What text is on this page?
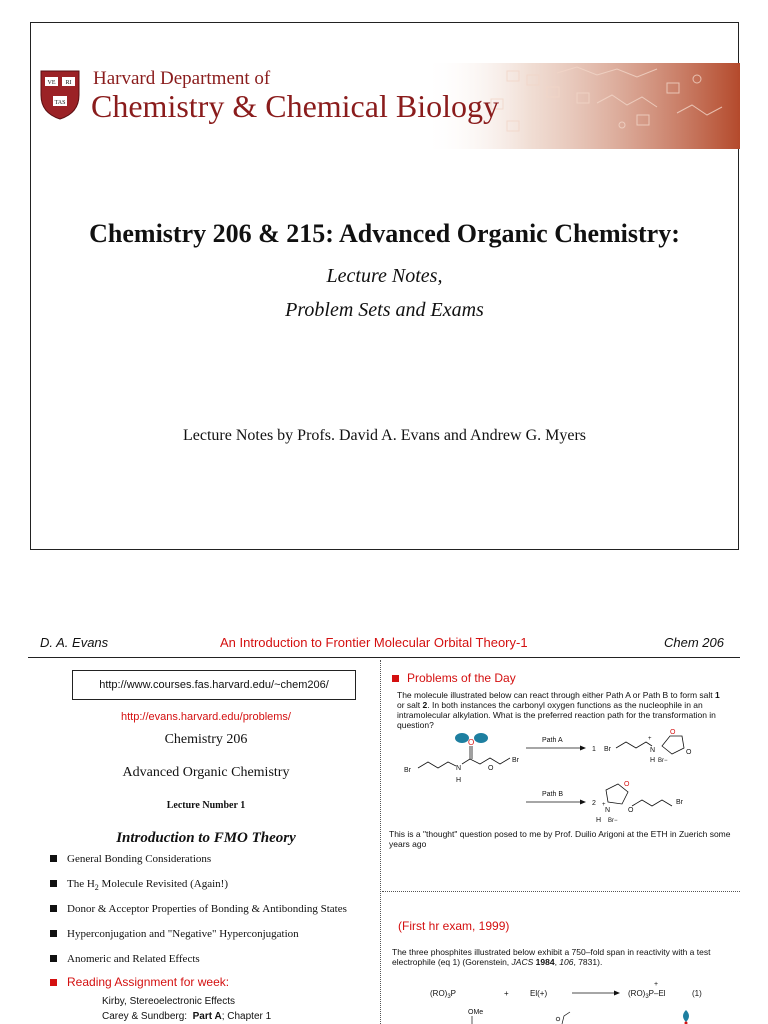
VE RI
TAS
Harvard Department of
Chemistry & Chemical Biology
Chemistry 206 & 215: Advanced Organic Chemistry:
Lecture Notes,
Problem Sets and Exams
Lecture Notes by Profs. David A. Evans and Andrew G. Myers
D. A. Evans	An Introduction to Frontier Molecular Orbital Theory-1	Chem 206
http://www.courses.fas.harvard.edu/~chem206/
http://evans.harvard.edu/problems/
Chemistry 206
Advanced Organic Chemistry
Lecture Number 1
Introduction to FMO Theory
General Bonding Considerations
The $H_2$ Molecule Revisited (Again!)
Donor & Acceptor Properties of Bonding & Antibonding States
Hyperconjugation and "Negative" Hyperconjugation
Anomeric and Related Effects
Reading Assignment for week:
Kirby, Stereoelectronic Effects
Carey & Sundberg: Part A; Chapter 1
Problems of the Day
The molecule illustrated below can react through either Path A or Path B to form salt 1 or salt 2. In both instances the carbonyl oxygen functions as the nucleophile in an intramolecular alkylation. What is the preferred reaction path for the transformation in question?
O
Br	N
H
O
Br
Path A
1 Br
+
N
H
O
O
Br−
Path B
2
O
+
N
H Br−
O
Br
This is a "thought" question posed to me by Prof. Duilio Arigoni at the ETH in Zuerich some years ago
(First hr exam, 1999)
The three phosphites illustrated below exhibit a 750–fold span in reactivity with a test electrophile (eq 1) (Gorenstein, JACS 1984, 106, 7831).
$(RO)_3P$	+	El(+)
+
$(RO)_3P-El$	(1)
OMe
